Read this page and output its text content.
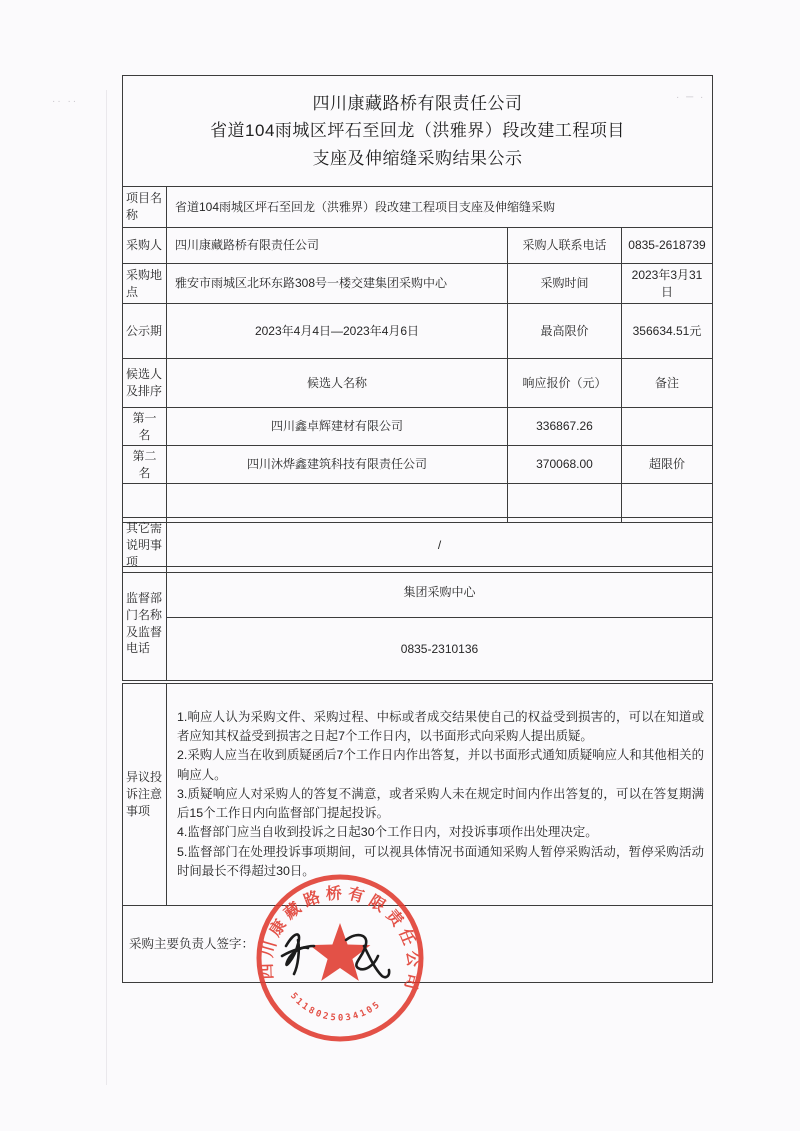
·· ··	· ─ ·
四川康藏路桥有限责任公司
省道104雨城区坪石至回龙（洪雅界）段改建工程项目
支座及伸缩缝采购结果公示			

项目名称	省道104雨城区坪石至回龙（洪雅界）段改建工程项目支座及伸缩缝采购		
采购人	四川康藏路桥有限责任公司	采购人联系电话	0835-2618739
采购地点	雅安市雨城区北环东路308号一楼交建集团采购中心	采购时间	2023年3月31日
公示期	2023年4月4日—2023年4月6日	最高限价	356634.51元
候选人及排序	候选人名称	响应报价（元）	备注
第一名	四川鑫卓辉建材有限公司	336867.26	
第二名	四川沐烨鑫建筑科技有限责任公司	370068.00	超限价

其它需说明事项	/
监督部门名称及监督电话	集团采购中心
0835-2310136
异议投诉注意事项	
1.响应人认为采购文件、采购过程、中标或者成交结果使自己的权益受到损害的，可以在知道或者应知其权益受到损害之日起7个工作日内，以书面形式向采购人提出质疑。
2.采购人应当在收到质疑函后7个工作日内作出答复，并以书面形式通知质疑响应人和其他相关的响应人。
3.质疑响应人对采购人的答复不满意，或者采购人未在规定时间内作出答复的，可以在答复期满后15个工作日内向监督部门提起投诉。
4.监督部门应当自收到投诉之日起30个工作日内，对投诉事项作出处理决定。
5.监督部门在处理投诉事项期间，可以视具体情况书面通知采购人暂停采购活动，暂停采购活动时间最长不得超过30日。
采购主要负责人签字：
四川康藏路桥有限责任公司
5118025034105
